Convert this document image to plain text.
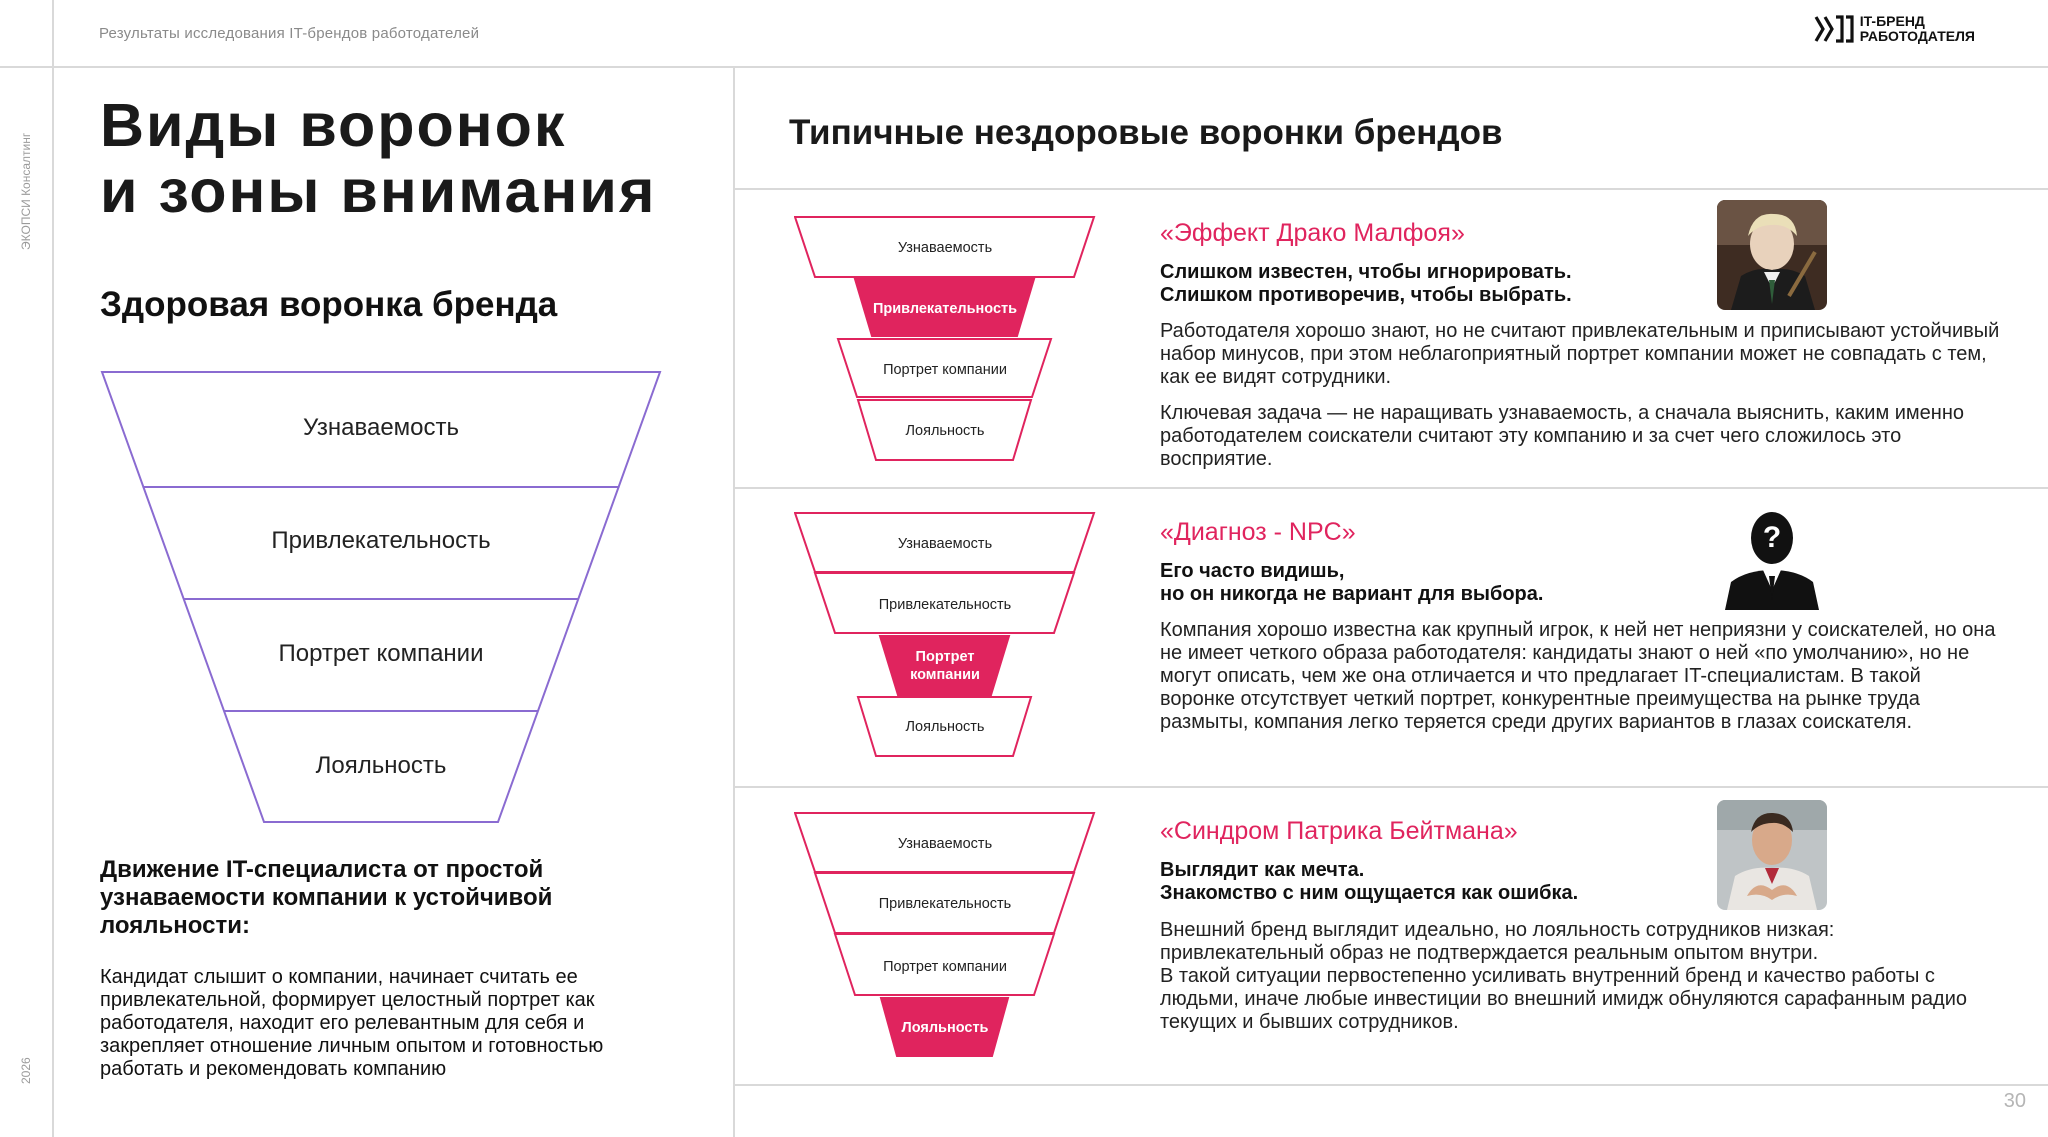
Результаты исследования IT-брендов работодателей
ЭКОПСИ Консалтинг
2026
IT-БРЕНД
РАБОТОДАТЕЛЯ
Виды воронок
и зоны внимания
Здоровая воронка бренда
Узнаваемость
Привлекательность
Портрет компании
Лояльность
Движение IT-специалиста от простой узнаваемости компании к устойчивой лояльности:
Кандидат слышит о компании, начинает считать ее привлекательной, формирует целостный портрет как работодателя, находит его релевантным для себя и закрепляет отношение личным опытом и готовностью работать и рекомендовать компанию
Типичные нездоровые воронки брендов
Узнаваемость
Привлекательность
Портрет компании
Лояльность
«Эффект Драко Малфоя»
Слишком известен, чтобы игнорировать.
Слишком противоречив, чтобы выбрать.

Работодателя хорошо знают, но не считают привлекательным и приписывают устойчивый набор минусов, при этом неблагоприятный портрет компании может не совпадать с тем, как ее видят сотрудники.

Ключевая задача — не наращивать узнаваемость, а сначала выяснить, каким именно работодателем соискатели считают эту компанию и за счет чего сложилось это восприятие.

Узнаваемость
Привлекательность
Портрет
компании
Лояльность
«Диагноз - NPC»
Его часто видишь,
но он никогда не вариант для выбора.

Компания хорошо известна как крупный игрок, к ней нет неприязни у соискателей, но она не имеет четкого образа работодателя: кандидаты знают о ней «по умолчанию», но не могут описать, чем же она отличается и что предлагает IT-специалистам. В такой воронке отсутствует четкий портрет, конкурентные преимущества на рынке труда размыты, компания легко теряется среди других вариантов в глазах соискателя.

?
Узнаваемость
Привлекательность
Портрет компании
Лояльность
«Синдром Патрика Бейтмана»
Выглядит как мечта.
Знакомство с ним ощущается как ошибка.

Внешний бренд выглядит идеально, но лояльность сотрудников низкая: привлекательный образ не подтверждается реальным опытом внутри.

В такой ситуации первостепенно усиливать внутренний бренд и качество работы с людьми, иначе любые инвестиции во внешний имидж обнуляются сарафанным радио текущих и бывших сотрудников.

30
